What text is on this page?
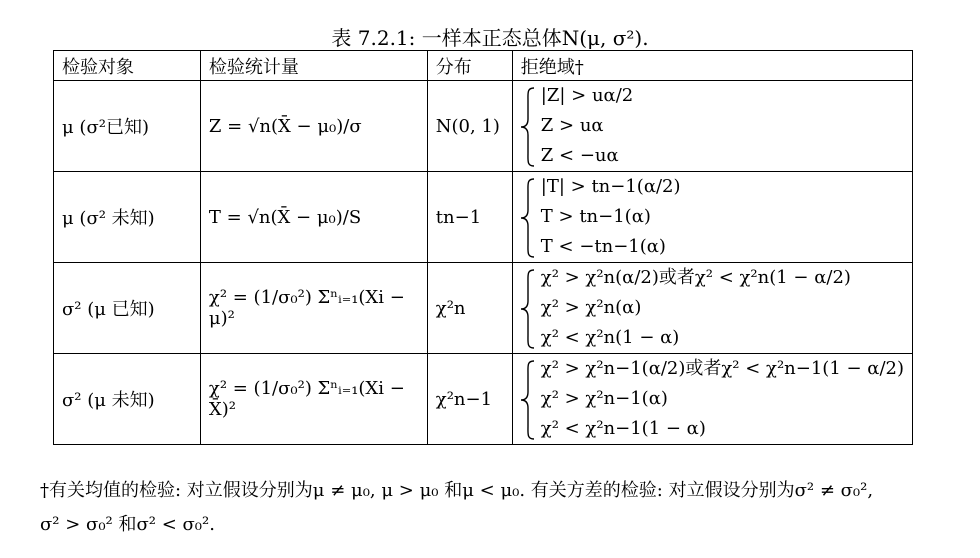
表 7.2.1: 一样本正态总体N(μ, σ²).
检验对象	检验统计量	分布	拒绝域†
μ (σ²已知)	Z = √n(X̄ − μ₀)/σ	N(0, 1)	|Z| > uα/2
Z > uα
Z < −uα

μ (σ² 未知)	T = √n(X̄ − μ₀)/S	tn−1	|T| > tn−1(α/2)
T > tn−1(α)
T < −tn−1(α)

σ² (μ 已知)	χ² = (1/σ₀²) Σⁿᵢ₌₁(Xi − μ)²	χ²n	χ² > χ²n(α/2)或者χ² < χ²n(1 − α/2)
χ² > χ²n(α)
χ² < χ²n(1 − α)

σ² (μ 未知)	χ² = (1/σ₀²) Σⁿᵢ₌₁(Xi − X̄)²	χ²n−1	χ² > χ²n−1(α/2)或者χ² < χ²n−1(1 − α/2)
χ² > χ²n−1(α)
χ² < χ²n−1(1 − α)
†有关均值的检验: 对立假设分别为μ ≠ μ₀, μ > μ₀ 和μ < μ₀. 有关方差的检验: 对立假设分别为σ² ≠ σ₀²,
σ² > σ₀² 和σ² < σ₀².
